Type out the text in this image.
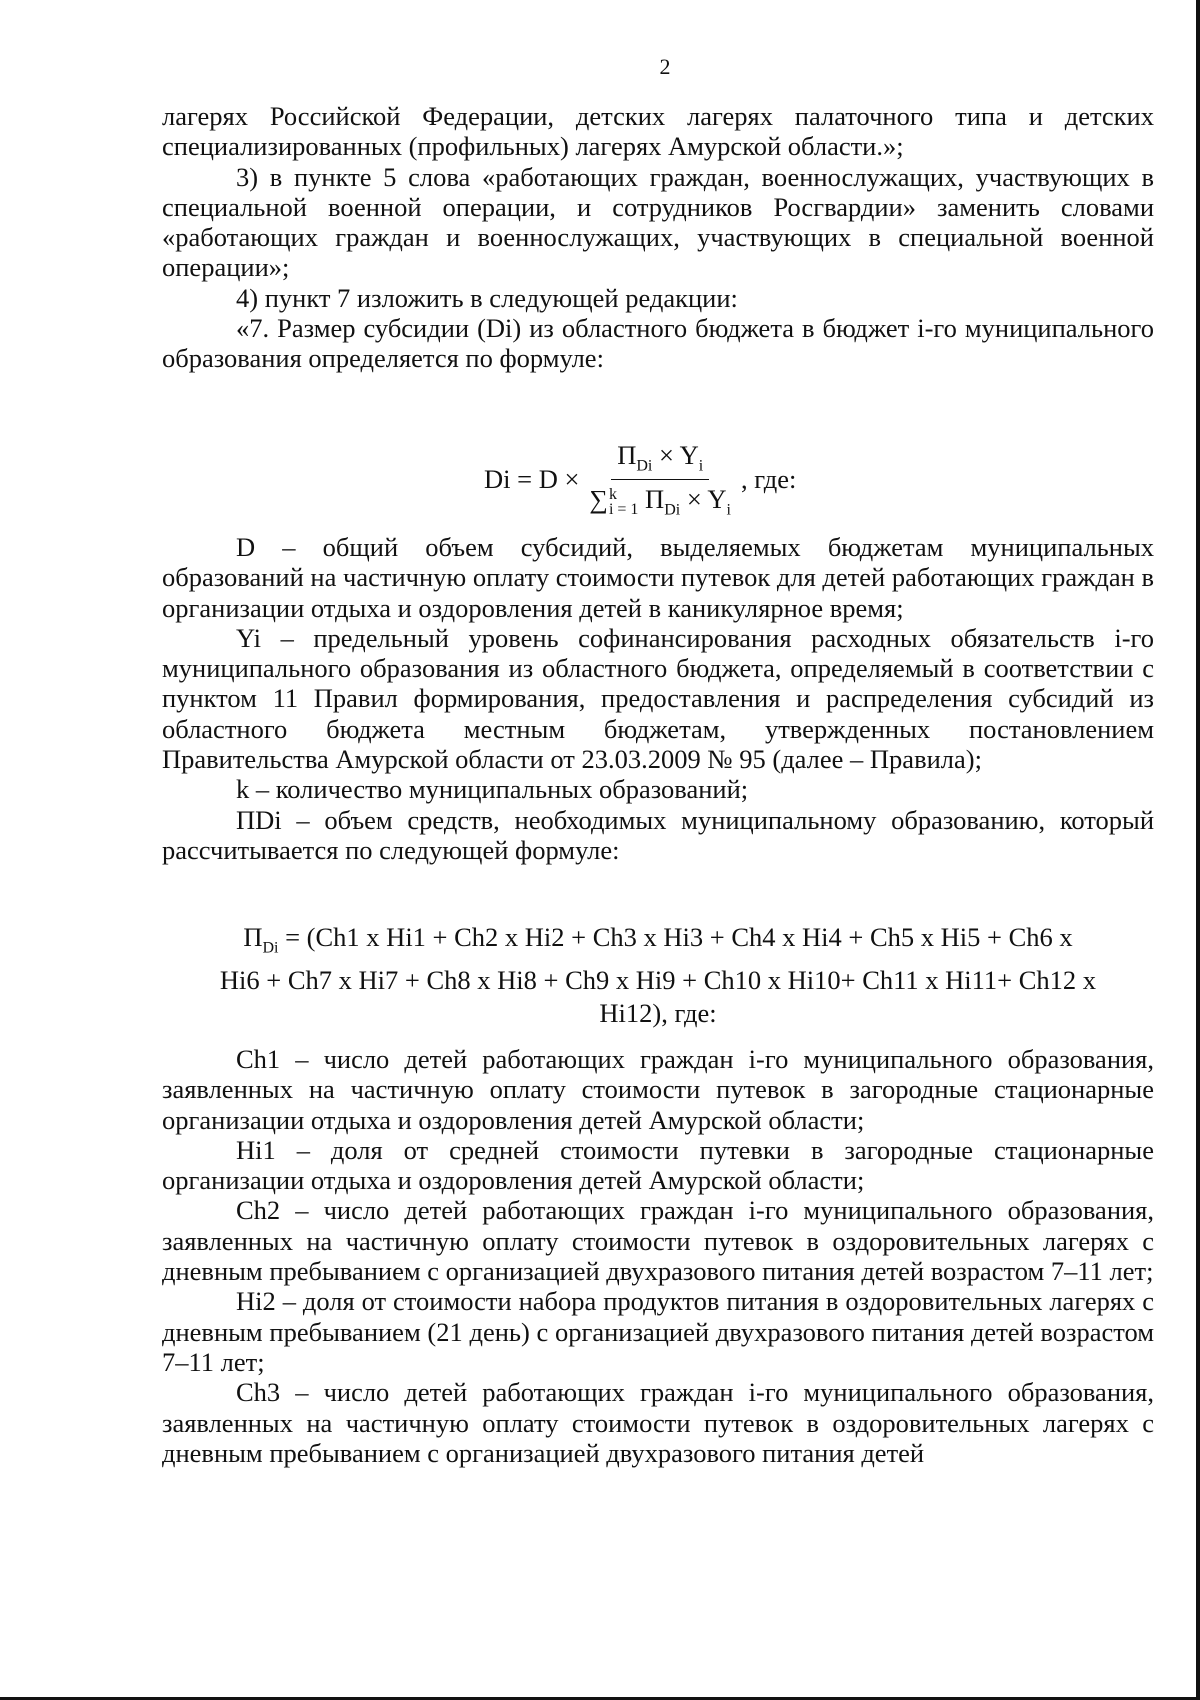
2

лагерях Российской Федерации, детских лагерях палаточного типа и детских специализированных (профильных) лагерях Амурской области.»;

3) в пункте 5 слова «работающих граждан, военнослужащих, участвующих в специальной военной операции, и сотрудников Росгвардии» заменить словами «работающих граждан и военнослужащих, участвующих в специальной военной операции»;

4) пункт 7 изложить в следующей редакции:

«7. Размер субсидии (Di) из областного бюджета в бюджет i-го муниципального образования определяется по формуле:

$Di = D \times П_{Di} \times Y_i$
∑ k
i = 1 $П_{Di} \times Y_i$ , где:

D – общий объем субсидий, выделяемых бюджетам муниципальных образований на частичную оплату стоимости путевок для детей работающих граждан в организации отдыха и оздоровления детей в каникулярное время;

Yi – предельный уровень софинансирования расходных обязательств i-го муниципального образования из областного бюджета, определяемый в соответствии с пунктом 11 Правил формирования, предоставления и распределения субсидий из областного бюджета местным бюджетам, утвержденных постановлением Правительства Амурской области от 23.03.2009 № 95 (далее – Правила);

k – количество муниципальных образований;

ПDi – объем средств, необходимых муниципальному образованию, который рассчитывается по следующей формуле:

$П_{Di} = (Ch1$ x Hi1 + Ch2 x Hi2 + Ch3 x Hi3 + Ch4 x Hi4 + Ch5 x Hi5 + Ch6 x
Hi6 + Ch7 x Hi7 + Ch8 x Hi8 + Ch9 x Hi9 + Ch10 x Hi10+ Ch11 x Hi11+ Ch12 x
Hi12), где:

Ch1 – число детей работающих граждан i-го муниципального образования, заявленных на частичную оплату стоимости путевок в загородные стационарные организации отдыха и оздоровления детей Амурской области;

Hi1 – доля от средней стоимости путевки в загородные стационарные организации отдыха и оздоровления детей Амурской области;

Ch2 – число детей работающих граждан i-го муниципального образования, заявленных на частичную оплату стоимости путевок в оздоровительных лагерях с дневным пребыванием с организацией двухразового питания детей возрастом 7–11 лет;

Hi2 – доля от стоимости набора продуктов питания в оздоровительных лагерях с дневным пребыванием (21 день) с организацией двухразового питания детей возрастом 7–11 лет;

Ch3 – число детей работающих граждан i-го муниципального образования, заявленных на частичную оплату стоимости путевок в оздоровительных лагерях с дневным пребыванием с организацией двухразового питания детей
